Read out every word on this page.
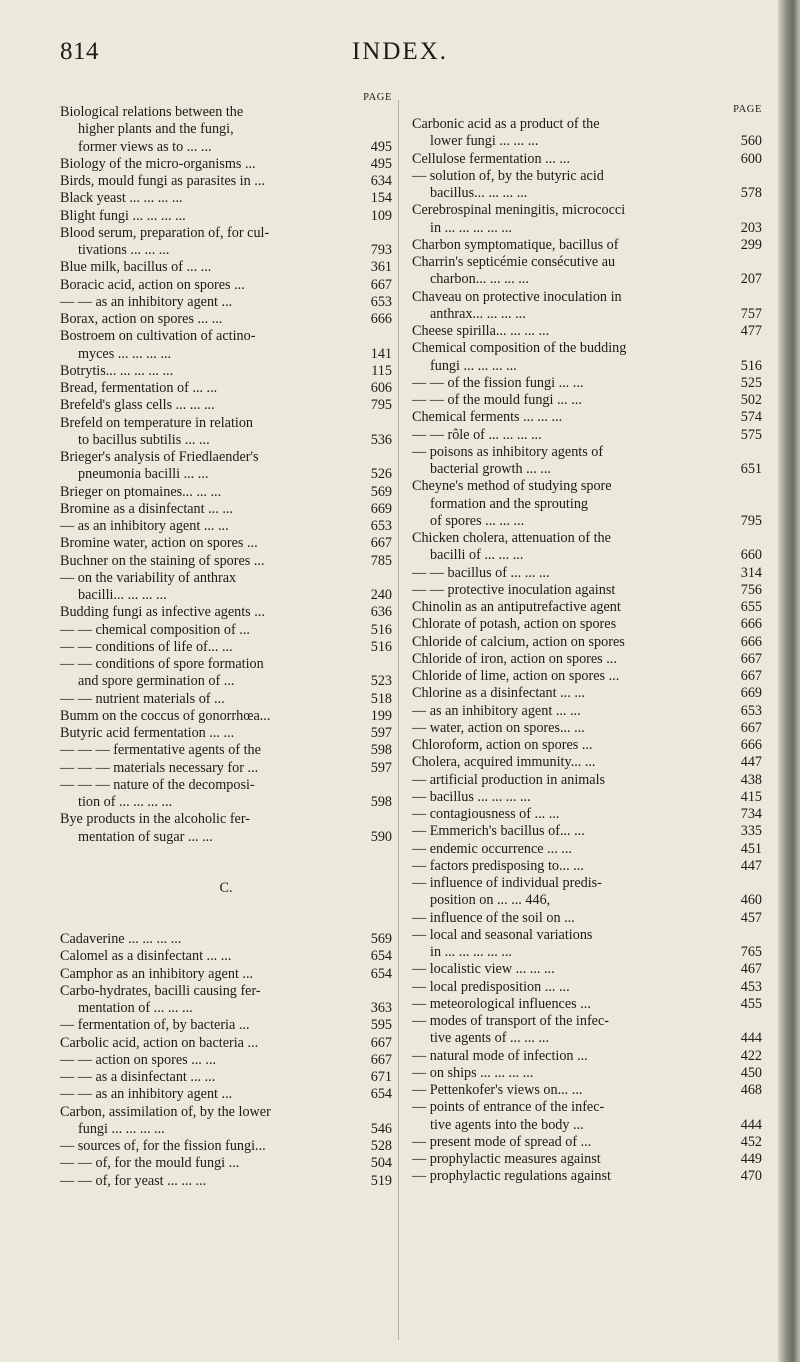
814	INDEX.
PAGE
Biological relations between the
higher plants and the fungi,
495
former views as to ... ...
495
Biology of the micro-organisms ...
634
Birds, mould fungi as parasites in ...
154
Black yeast ... ... ... ...
109
Blight fungi ... ... ... ...
Blood serum, preparation of, for cul-
793
tivations ... ... ...
361
Blue milk, bacillus of ... ...
667
Boracic acid, action on spores ...
653
— — as an inhibitory agent ...
666
Borax, action on spores ... ...
Bostroem on cultivation of actino-
141
myces ... ... ... ...
115
Botrytis... ... ... ... ...
606
Bread, fermentation of ... ...
795
Brefeld's glass cells ... ... ...
Brefeld on temperature in relation
536
to bacillus subtilis ... ...
Brieger's analysis of Friedlaender's
526
pneumonia bacilli ... ...
569
Brieger on ptomaines... ... ...
669
Bromine as a disinfectant ... ...
653
— as an inhibitory agent ... ...
667
Bromine water, action on spores ...
785
Buchner on the staining of spores ...
— on the variability of anthrax
240
bacilli... ... ... ...
636
Budding fungi as infective agents ...
516
— — chemical composition of ...
516
— — conditions of life of... ...
— — conditions of spore formation
523
and spore germination of ...
518
— — nutrient materials of ...
199
Bumm on the coccus of gonorrhœa...
597
Butyric acid fermentation ... ...
598
— — — fermentative agents of the
597
— — — materials necessary for ...
— — — nature of the decomposi-
598
tion of ... ... ... ...
Bye products in the alcoholic fer-
590
mentation of sugar ... ...
C.
569
Cadaverine ... ... ... ...
654
Calomel as a disinfectant ... ...
654
Camphor as an inhibitory agent ...
Carbo-hydrates, bacilli causing fer-
363
mentation of ... ... ...
595
— fermentation of, by bacteria ...
667
Carbolic acid, action on bacteria ...
667
— — action on spores ... ...
671
— — as a disinfectant ... ...
654
— — as an inhibitory agent ...
Carbon, assimilation of, by the lower
546
fungi ... ... ... ...
528
— sources of, for the fission fungi...
504
— — of, for the mould fungi ...
519
— — of, for yeast ... ... ...
PAGE
Carbonic acid as a product of the
560
lower fungi ... ... ...
600
Cellulose fermentation ... ...
— solution of, by the butyric acid
578
bacillus... ... ... ...
Cerebrospinal meningitis, micrococci
203
in ... ... ... ... ...
299
Charbon symptomatique, bacillus of
Charrin's septicémie consécutive au
207
charbon... ... ... ...
Chaveau on protective inoculation in
757
anthrax... ... ... ...
477
Cheese spirilla... ... ... ...
Chemical composition of the budding
516
fungi ... ... ... ...
525
— — of the fission fungi ... ...
502
— — of the mould fungi ... ...
574
Chemical ferments ... ... ...
575
— — rôle of ... ... ... ...
— poisons as inhibitory agents of
651
bacterial growth ... ...
Cheyne's method of studying spore
formation and the sprouting
795
of spores ... ... ...
Chicken cholera, attenuation of the
660
bacilli of ... ... ...
314
— — bacillus of ... ... ...
756
— — protective inoculation against
655
Chinolin as an antiputrefactive agent
666
Chlorate of potash, action on spores
666
Chloride of calcium, action on spores
667
Chloride of iron, action on spores ...
667
Chloride of lime, action on spores ...
669
Chlorine as a disinfectant ... ...
653
— as an inhibitory agent ... ...
667
— water, action on spores... ...
666
Chloroform, action on spores ...
447
Cholera, acquired immunity... ...
438
— artificial production in animals
415
— bacillus ... ... ... ...
734
— contagiousness of ... ...
335
— Emmerich's bacillus of... ...
451
— endemic occurrence ... ...
447
— factors predisposing to... ...
— influence of individual predis-
460
position on ... ... 446,
457
— influence of the soil on ...
— local and seasonal variations
765
in ... ... ... ... ...
467
— localistic view ... ... ...
453
— local predisposition ... ...
455
— meteorological influences ...
— modes of transport of the infec-
444
tive agents of ... ... ...
422
— natural mode of infection ...
450
— on ships ... ... ... ...
468
— Pettenkofer's views on... ...
— points of entrance of the infec-
444
tive agents into the body ...
452
— present mode of spread of ...
449
— prophylactic measures against
470
— prophylactic regulations against
